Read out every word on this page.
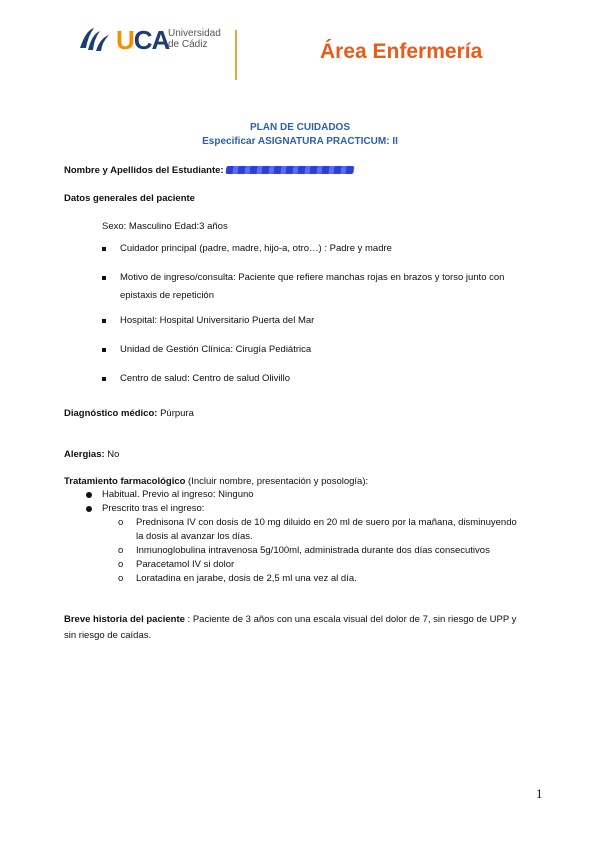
UCA
Universidad
de Cádiz	Área Enfermería
PLAN DE CUIDADOS
Especificar ASIGNATURA PRACTICUM: II
Nombre y Apellidos del Estudiante:
Datos generales del paciente
Sexo: Masculino Edad:3 años
Cuidador principal (padre, madre, hijo-a, otro…) : Padre y madre
Motivo de ingreso/consulta: Paciente que refiere manchas rojas en brazos y torso junto con
epistaxis de repetición
Hospital: Hospital Universitario Puerta del Mar
Unidad de Gestión Clínica: Cirugía Pediátrica
Centro de salud: Centro de salud Olivillo
Diagnóstico médico: Púrpura
Alergias: No
Tratamiento farmacológico (Incluir nombre, presentación y posología):
Habitual. Previo al ingreso: Ninguno
Prescrito tras el ingreso:
o Prednisona IV con dosis de 10 mg diluido en 20 ml de suero por la mañana, disminuyendo
la dosis al avanzar los días.
o Inmunoglobulina intravenosa 5g/100ml, administrada durante dos días consecutivos
o Paracetamol IV si dolor
o Loratadina en jarabe, dosis de 2,5 ml una vez al día.
Breve historia del paciente : Paciente de 3 años con una escala visual del dolor de 7, sin riesgo de UPP y
sin riesgo de caídas.
1
